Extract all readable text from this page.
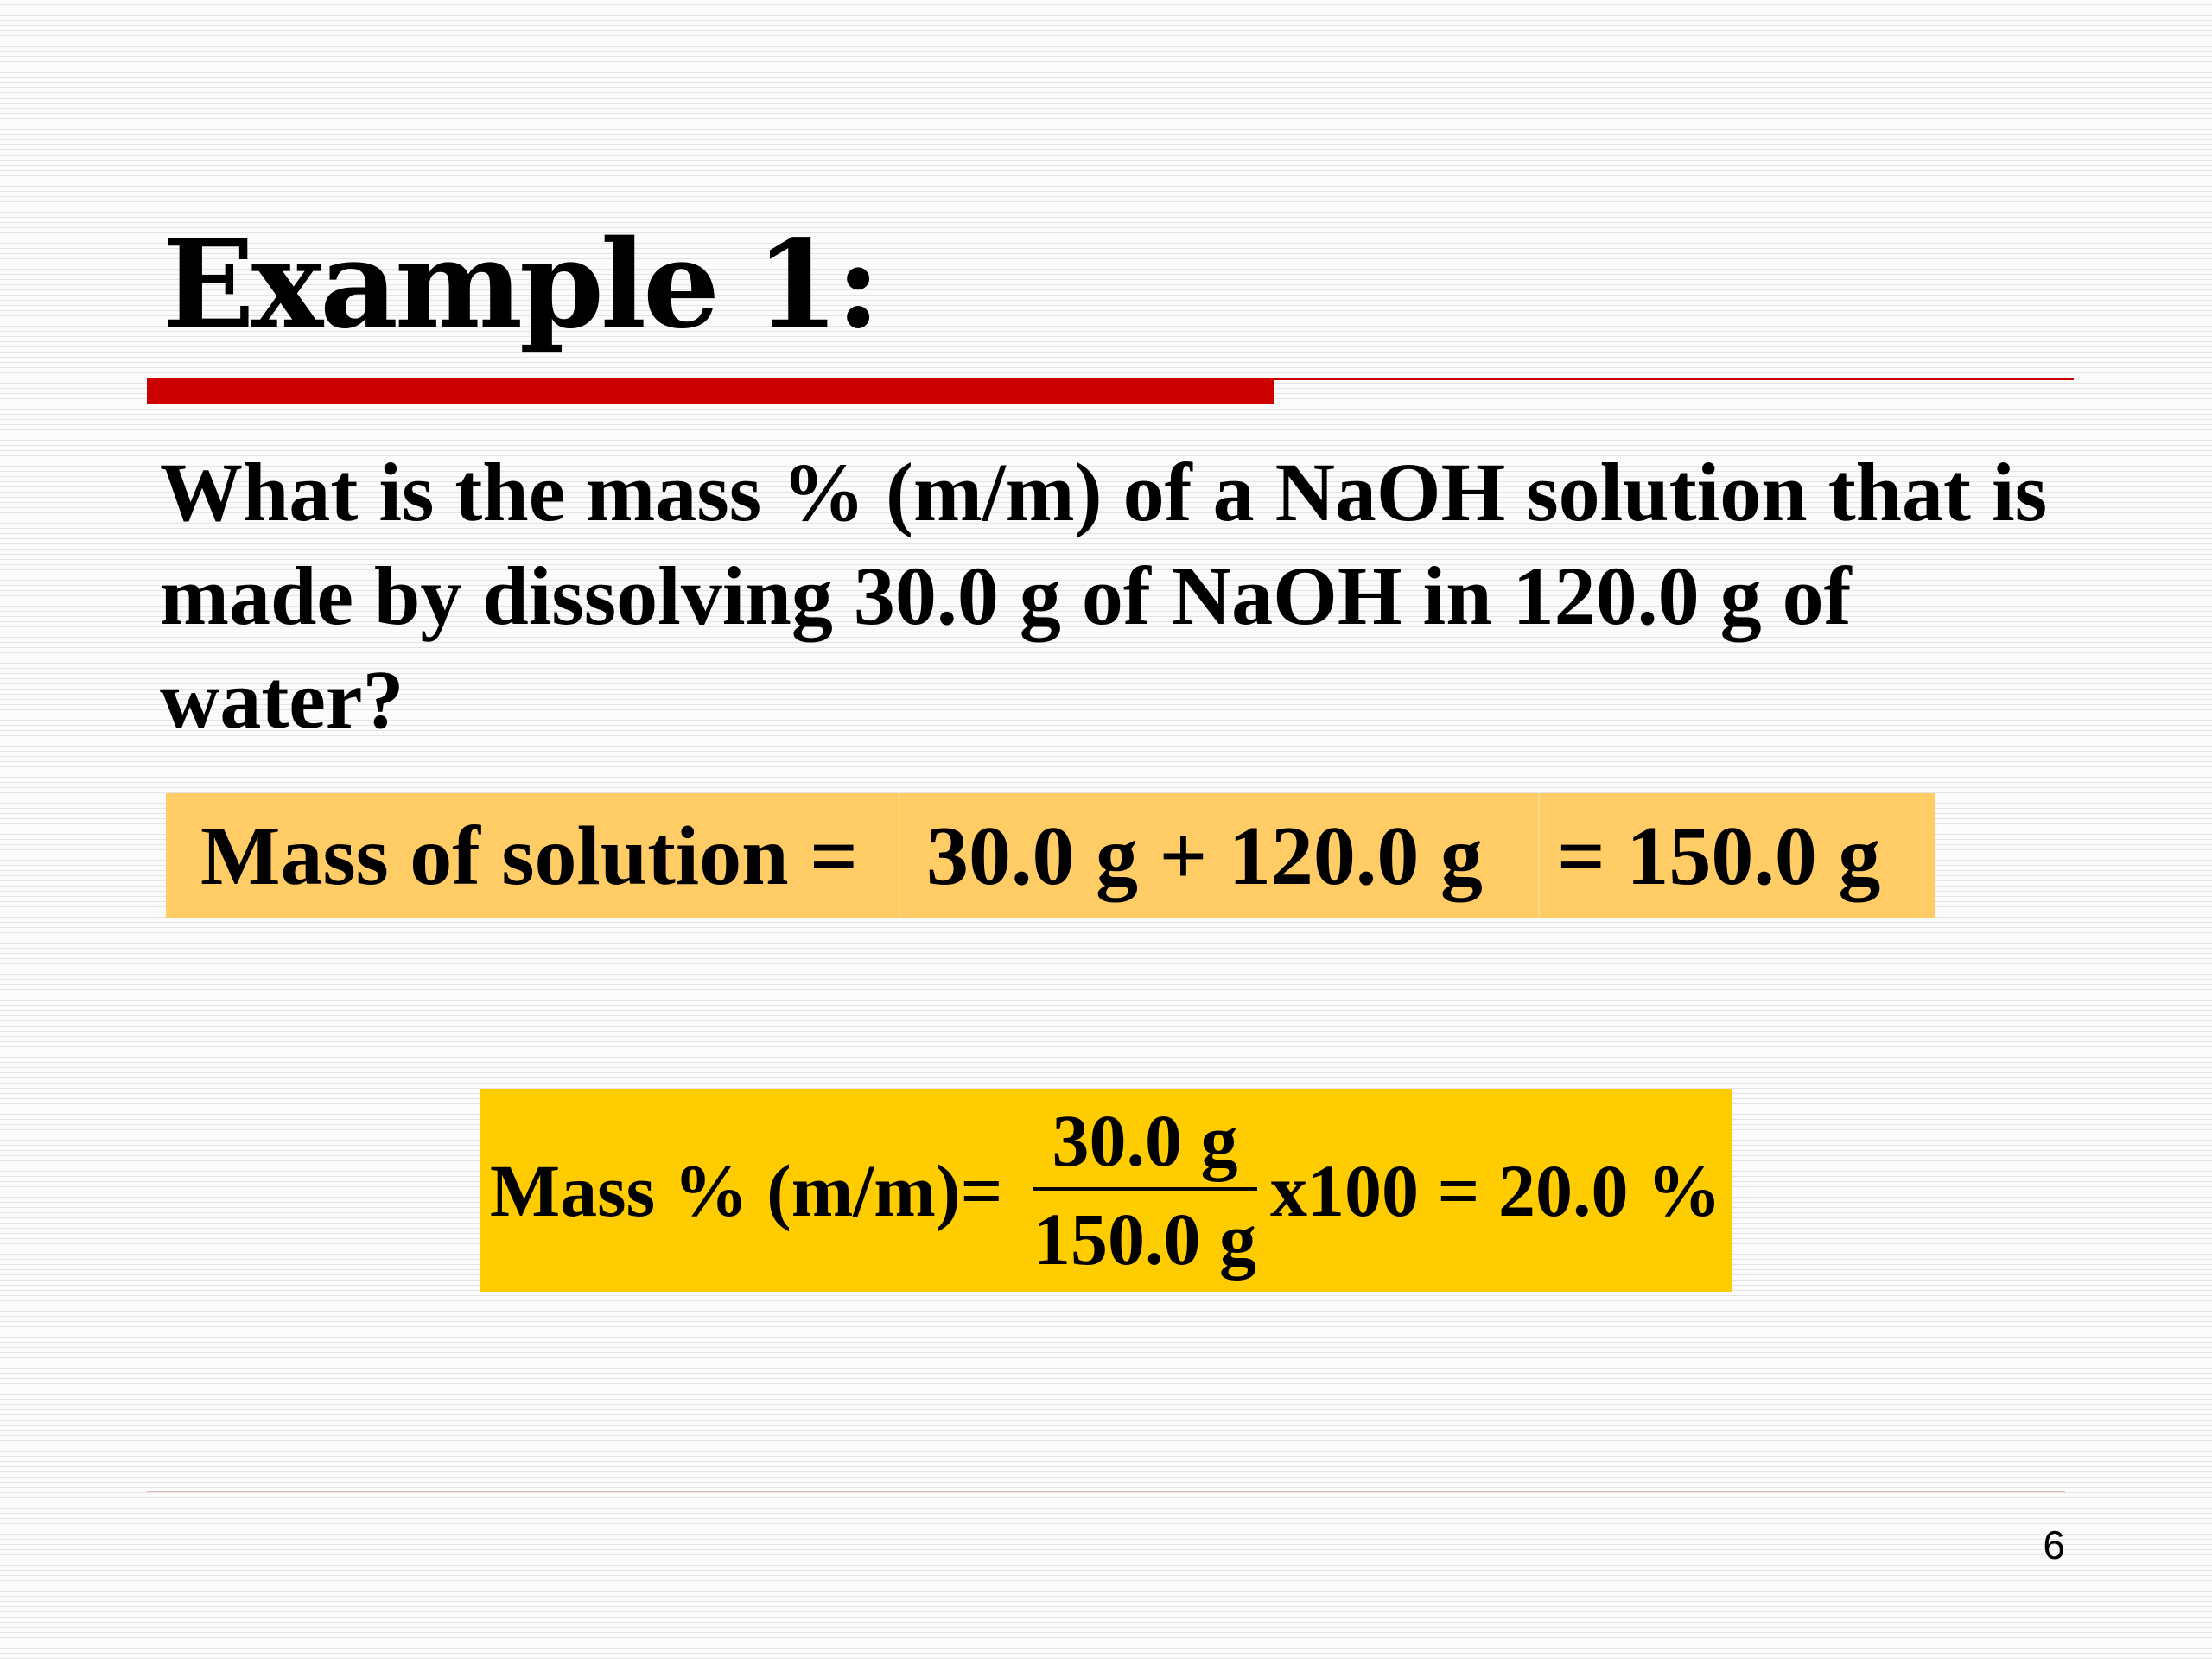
Example 1:

What is the mass % (m/m) of a NaOH solution that is made by dissolving 30.0 g of NaOH in 120.0 g of water?

Mass of solution = 30.0 g + 120.0 g = 150.0 g
Mass % (m/m)=
30.0 g
150.0 g
x100 = 20.0 %
6
